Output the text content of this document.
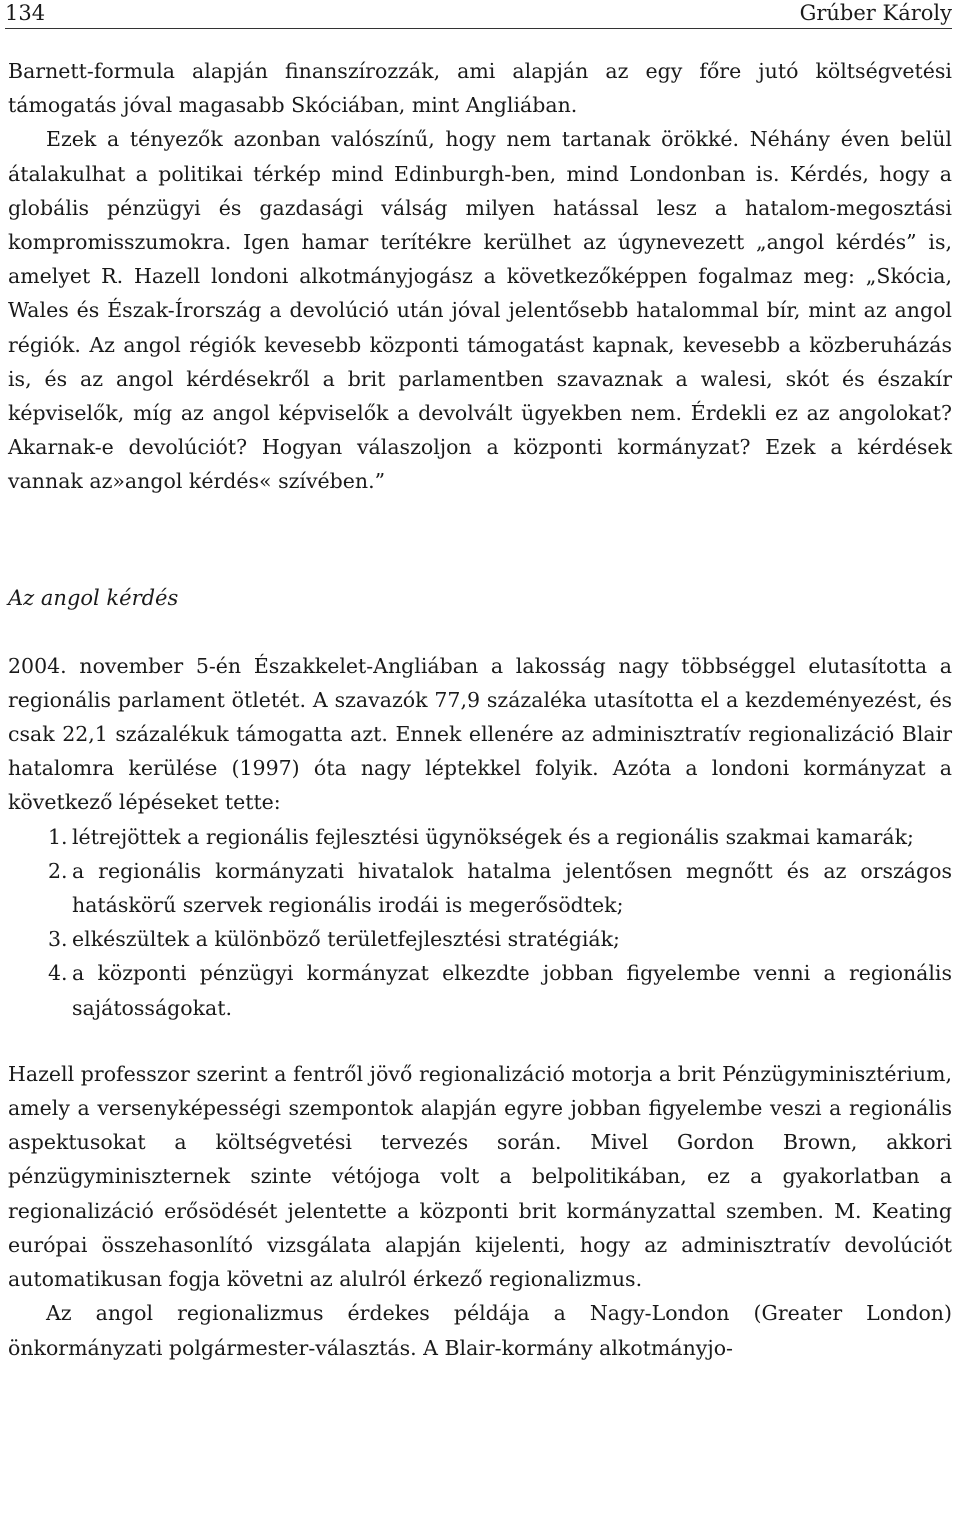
134	Grúber Károly

Barnett-formula alapján finanszírozzák, ami alapján az egy főre jutó költségvetési támogatás jóval magasabb Skóciában, mint Angliában.

Ezek a tényezők azonban valószínű, hogy nem tartanak örökké. Néhány éven belül átalakulhat a politikai térkép mind Edinburgh-ben, mind Londonban is. Kérdés, hogy a globális pénzügyi és gazdasági válság milyen hatással lesz a hatalom-megosztási kompromisszumokra. Igen hamar terítékre kerülhet az úgynevezett „angol kérdés” is, amelyet R. Hazell londoni alkotmányjogász a következőképpen fogalmaz meg: „Skócia, Wales és Észak-Írország a devolúció után jóval jelentősebb hatalommal bír, mint az angol régiók. Az angol régiók kevesebb központi támogatást kapnak, kevesebb a közberuházás is, és az angol kérdésekről a brit parlamentben szavaznak a walesi, skót és északír képviselők, míg az angol képviselők a devolvált ügyekben nem. Érdekli ez az angolokat? Akarnak-e devolúciót? Hogyan válaszoljon a központi kormányzat? Ezek a kérdések vannak az»angol kérdés« szívében.”

Az angol kérdés

2004. november 5-én Északkelet-Angliában a lakosság nagy többséggel elutasította a regionális parlament ötletét. A szavazók 77,9 százaléka utasította el a kezdeményezést, és csak 22,1 százalékuk támogatta azt. Ennek ellenére az adminisztratív regionalizáció Blair hatalomra kerülése (1997) óta nagy léptekkel folyik. Azóta a londoni kormányzat a következő lépéseket tette:

1. létrejöttek a regionális fejlesztési ügynökségek és a regionális szakmai kamarák;
2. a regionális kormányzati hivatalok hatalma jelentősen megnőtt és az országos hatáskörű szervek regionális irodái is megerősödtek;
3. elkészültek a különböző területfejlesztési stratégiák;
4. a központi pénzügyi kormányzat elkezdte jobban figyelembe venni a regionális sajátosságokat.

Hazell professzor szerint a fentről jövő regionalizáció motorja a brit Pénzügyminisztérium, amely a versenyképességi szempontok alapján egyre jobban figyelembe veszi a regionális aspektusokat a költségvetési tervezés során. Mivel Gordon Brown, akkori pénzügyminiszternek szinte vétójoga volt a belpolitikában, ez a gyakorlatban a regionalizáció erősödését jelentette a központi brit kormányzattal szemben. M. Keating európai összehasonlító vizsgálata alapján kijelenti, hogy az adminisztratív devolúciót automatikusan fogja követni az alulról érkező regionalizmus.

Az angol regionalizmus érdekes példája a Nagy-London (Greater London) önkormányzati polgármester-választás. A Blair-kormány alkotmányjo-
